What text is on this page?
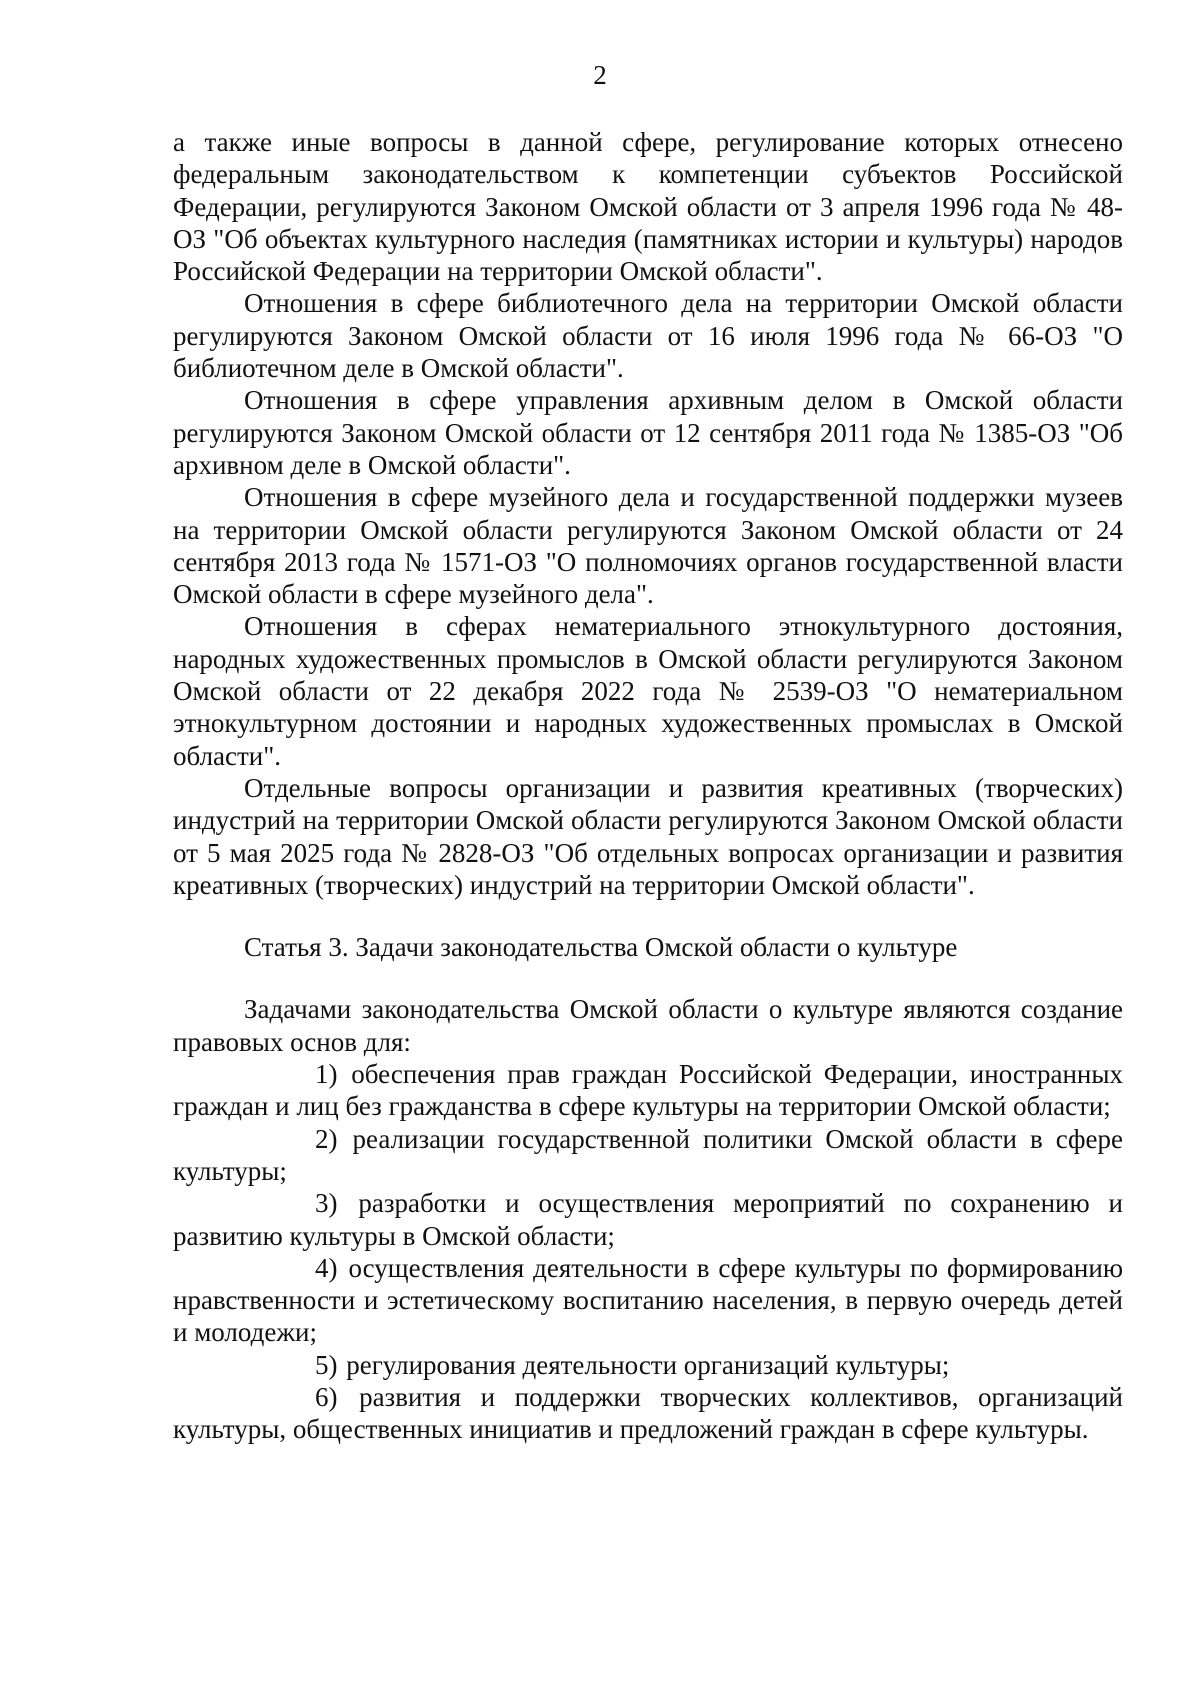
2

а также иные вопросы в данной сфере, регулирование которых отнесено федеральным законодательством к компетенции субъектов Российской Федерации, регулируются Законом Омской области от 3 апреля 1996 года № 48-ОЗ "Об объектах культурного наследия (памятниках истории и культуры) народов Российской Федерации на территории Омской области".

Отношения в сфере библиотечного дела на территории Омской области регулируются Законом Омской области от 16 июля 1996 года № 66-ОЗ "О библиотечном деле в Омской области".

Отношения в сфере управления архивным делом в Омской области регулируются Законом Омской области от 12 сентября 2011 года № 1385-ОЗ "Об архивном деле в Омской области".

Отношения в сфере музейного дела и государственной поддержки музеев на территории Омской области регулируются Законом Омской области от 24 сентября 2013 года № 1571-ОЗ "О полномочиях органов государственной власти Омской области в сфере музейного дела".

Отношения в сферах нематериального этнокультурного достояния, народных художественных промыслов в Омской области регулируются Законом Омской области от 22 декабря 2022 года № 2539-ОЗ "О нематериальном этнокультурном достоянии и народных художественных промыслах в Омской области".

Отдельные вопросы организации и развития креативных (творческих) индустрий на территории Омской области регулируются Законом Омской области от 5 мая 2025 года № 2828-ОЗ "Об отдельных вопросах организации и развития креативных (творческих) индустрий на территории Омской области".

Статья 3. Задачи законодательства Омской области о культуре

Задачами законодательства Омской области о культуре являются создание правовых основ для:

1) обеспечения прав граждан Российской Федерации, иностранных граждан и лиц без гражданства в сфере культуры на территории Омской области;

2) реализации государственной политики Омской области в сфере культуры;

3) разработки и осуществления мероприятий по сохранению и развитию культуры в Омской области;

4) осуществления деятельности в сфере культуры по формированию нравственности и эстетическому воспитанию населения, в первую очередь детей и молодежи;

5) регулирования деятельности организаций культуры;

6) развития и поддержки творческих коллективов, организаций культуры, общественных инициатив и предложений граждан в сфере культуры.
